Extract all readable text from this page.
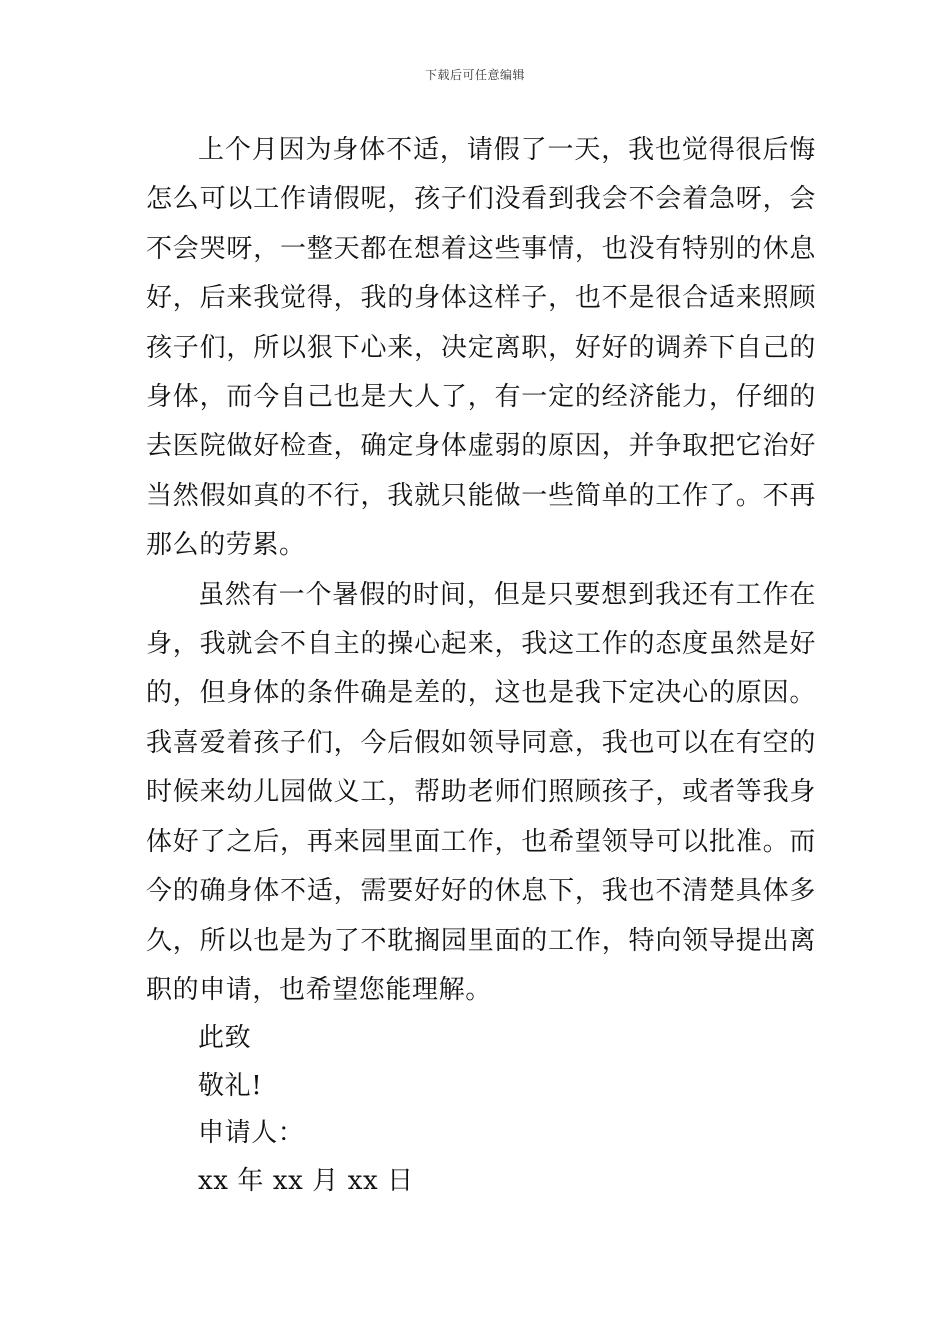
下载后可任意编辑

上个月因为身体不适，请假了一天，我也觉得很后悔怎么可以工作请假呢，孩子们没看到我会不会着急呀，会不会哭呀，一整天都在想着这些事情，也没有特别的休息好，后来我觉得，我的身体这样子，也不是很合适来照顾孩子们，所以狠下心来，决定离职，好好的调养下自己的身体，而今自己也是大人了，有一定的经济能力，仔细的去医院做好检查，确定身体虚弱的原因，并争取把它治好当然假如真的不行，我就只能做一些简单的工作了。不再那么的劳累。

虽然有一个暑假的时间，但是只要想到我还有工作在身，我就会不自主的操心起来，我这工作的态度虽然是好的，但身体的条件确是差的，这也是我下定决心的原因。我喜爱着孩子们，今后假如领导同意，我也可以在有空的时候来幼儿园做义工，帮助老师们照顾孩子，或者等我身体好了之后，再来园里面工作，也希望领导可以批准。而今的确身体不适，需要好好的休息下，我也不清楚具体多久，所以也是为了不耽搁园里面的工作，特向领导提出离职的申请，也希望您能理解。

此致

敬礼!

申请人：

xx 年 xx 月 xx 日
